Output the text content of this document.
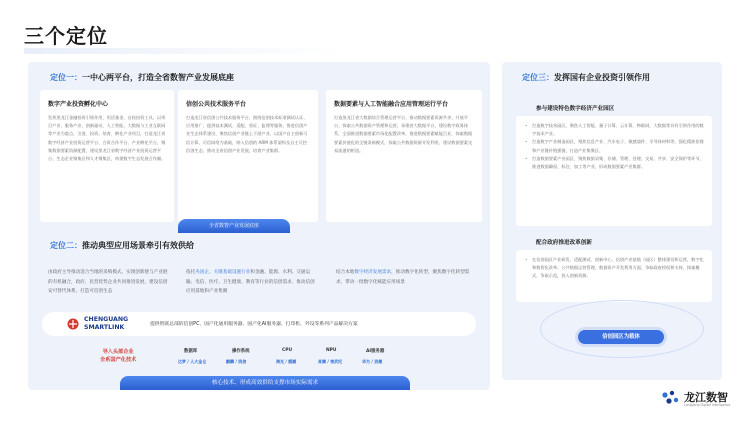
三个定位
定位一：一中心两平台，打造全省数智产业发展底座
数字产业投资孵化中心

发挥黑龙江金融投资引领作用，用活基金、自投投资工具，以项目产业、服务产业、创新驱动、人工智能、大数据与工业互联网等产业为重点，引进、投资、培育、孵化产业项目，打造龙江省数字经济产业投资运营平台、合资合作平台、产业孵化平台，聚集数据要素资源配置、建设黑龙江省数字经济产业投资运营平台、生态企业聚集区和人才聚集区，构建数字生态发展合作圈。

信创公共技术服务平台

打造龙江省信创公共技术服务平台，围绕信创技术标准测试认证、应用推广、提供技术测试、适配、验证、监理等服务，推进信创产业生态体系建设，聚焦信创产业链上下游产业，以国产自主创新可信计算、可信网络为基础，纳入信创的 ARM 体系架构及自主可控信创生态，推动全省信创产业发展，培育产业集群。

数据要素与人工智能融合应用管理运行平台

打造黑龙江省大数据综合管理运营平台、推动数据要素资源共享、开放平台、探索公共数据资产管理和运营，承建省大数据平台，建设数字政务体系，全面推进数据要素市场化配置改革，推进数据要素赋能百业，探索数据要素价值化的全链条新模式，探索公共数据资源开发利用，建设数据要素交易流通的枢纽。

全省数智产业发展底座
定位二：推动典型应用场景牵引有效供给
由政府主导推动适合当地的采购模式，实现创新链与产业链的有机融合，政府、民营优势企业共同推进发展，建设信创安可替代体系，打造可信创生态
依托央国企、关键基础设施行业和金融、能源、水利、交通运输、电信、医疗、卫生健康、教育等行业的信创需求，推动信创应用落地和产业集聚
结合本地数字经济发展需求，推动数字化转型，聚焦数字化转型需求，带动一批数字化赋能应用场景
CHENGUANG SMARTLINK	提供智联总部的信创PC、国产化通用服务器、国产化AI服务器、打印机、外设等系列产品解决方案
导入头部企业
全系国产化技术
数据库	操作系统	CPU	NPU	AI服务器
达梦 / 人大金仓	麒麟 / 统信	海光 / 鲲鹏	昇腾 / 寒武纪	华为 / 浪潮
核心技术、形成高效供给支撑市场实际需求
定位三：发挥国有企业投资引领作用
参与建设特色数字经济产业园区

• 打造数字技术园区，聚焦人工智能、量子计算、云计算、物联网、大数据等具有引领作用的数字技术产业。

• 打造数字产业制造园区，聚焦信息产业、汽车电子、敏感器件、半导体材料等，强化精准招商和产业链补链强链，打造产业集聚区。

• 打造数据要素产业园区，聚焦数据采集、存储、管理、处理、交易、共享、安全保护等环节，推进数据确权、标注、加工等产业，形成数据要素产业集群。

配合政府推进改革创新

• 在信创园区产业研发、适配测试、创新中心、信创产业基地（园区）整体建设和运营，数字化和数智化改革；公共数据运营管理，数据资产开发利用方面，争取政府授权和支持，探索模式，争取示范，投入创新资源。

信创园区为载体
龙江数智
Longjiang Digital Intelligence
